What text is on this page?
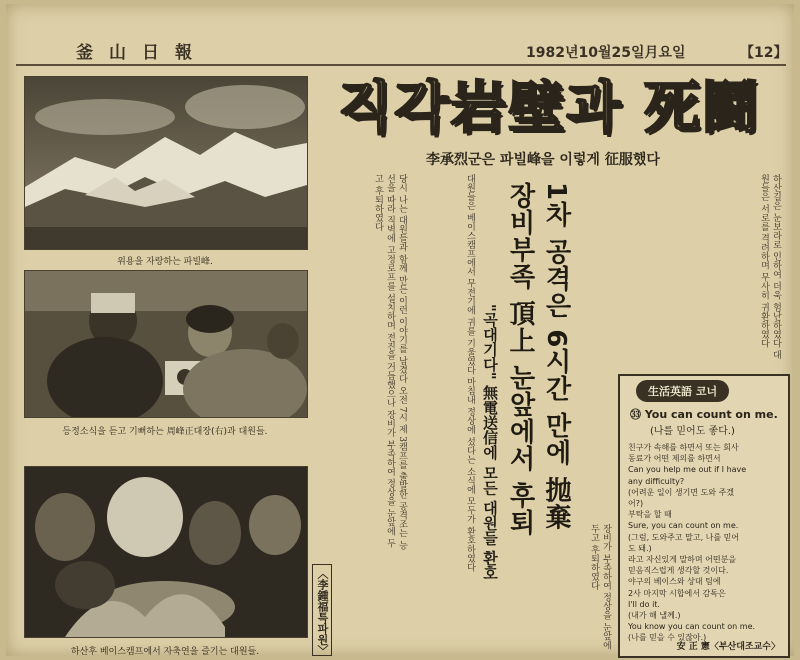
釜山日報	1982년10월25일月요일	【12】
위용을 자랑하는 파빌峰.
등정소식을 듣고 기뻐하는 周峰正대장(右)과 대원들.
하산후 베이스캠프에서 자축연을 즐기는 대원들.
직각岩壁과 死鬪
李承烈군은 파빌峰을 이렇게 征服했다
1차 공격은 6시간 만에 抛棄
장비부족 頂上 눈앞에서 후퇴
"곡대기다" 無電送信에 모든 대원들 환호
당시 나는 대원들과 함께 만든 이런 이야기를 남겼다 오전 7시 제 3캠프를 출발한 공격조는 능선을 따라 직벽에 고정로프를 설치하며 전진을 거듭했으나 장비가 부족하여 정상을 눈앞에 두고 후퇴하였다	대원들은 베이스캠프에서 무전기에 귀를 기울였다 마침내 정상에 섰다는 소식에 모두가 환호하였다
하산길은 눈보라로 인하여 더욱 험난하였다 대원들은 서로를 격려하며 무사히 귀환하였다
장비가 부족하여 정상을 눈앞에 두고 후퇴하였다
〈李鍾福특파원〉
生活英語 코너
㉝ You can count on me.
(나를 믿어도 좋다.)
친구가 속해를 하면서 또는 회사
동료가 어떤 제의를 하면서
Can you help me out if I have
any difficulty?
(어려운 일이 생기면 도와 주겠
어?)
부탁을 할 때
Sure, you can count on me.
(그럼, 도와주고 말고, 나를 믿어
도 돼.)
라고 자신있게 말하며 어떤분을
믿음직스럽게 생각할 것이다.
야구의 베이스와 상대 팀에
2사 마지막 시합에서 감독은
I'll do it.
(내가 해 낼께.)
You know you can count on me.
(나를 믿을 수 있잖아.)
安 正 憲〈부산대조교수〉
